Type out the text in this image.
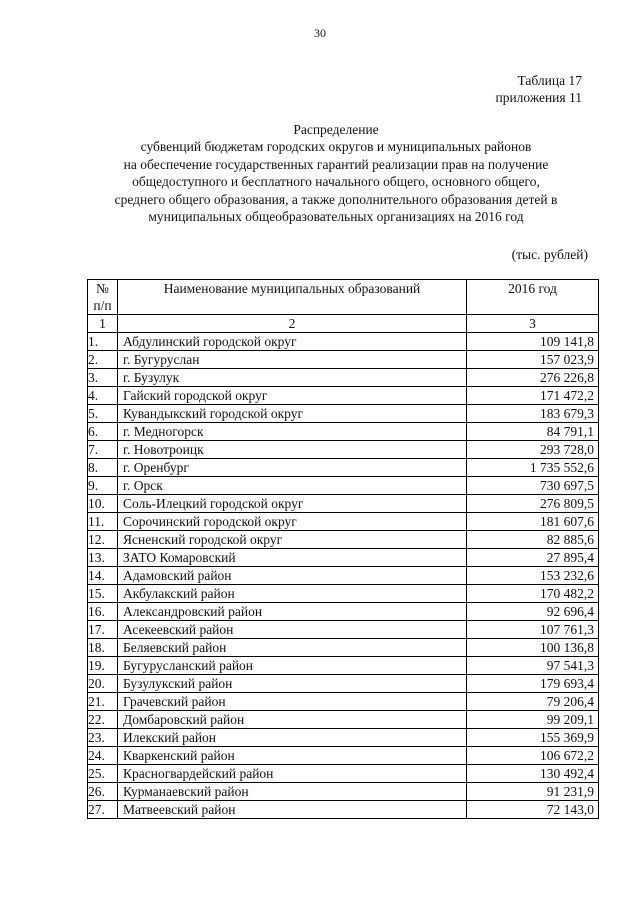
30
Таблица 17
приложения 11
Распределение
субвенций бюджетам городских округов и муниципальных районов
на обеспечение государственных гарантий реализации прав на получение
общедоступного и бесплатного начального общего, основного общего,
среднего общего образования, а также дополнительного образования детей в
муниципальных общеобразовательных организациях на 2016 год
(тыс. рублей)
№
п/п	Наименование муниципальных образований	2016 год
1	2	3
1.	Абдулинский городской округ	109 141,8
2.	г. Бугуруслан	157 023,9
3.	г. Бузулук	276 226,8
4.	Гайский городской округ	171 472,2
5.	Кувандыкский городской округ	183 679,3
6.	г. Медногорск	84 791,1
7.	г. Новотроицк	293 728,0
8.	г. Оренбург	1 735 552,6
9.	г. Орск	730 697,5
10.	Соль-Илецкий городской округ	276 809,5
11.	Сорочинский городской округ	181 607,6
12.	Ясненский городской округ	82 885,6
13.	ЗАТО Комаровский	27 895,4
14.	Адамовский район	153 232,6
15.	Акбулакский район	170 482,2
16.	Александровский район	92 696,4
17.	Асекеевский район	107 761,3
18.	Беляевский район	100 136,8
19.	Бугурусланский район	97 541,3
20.	Бузулукский район	179 693,4
21.	Грачевский район	79 206,4
22.	Домбаровский район	99 209,1
23.	Илекский район	155 369,9
24.	Кваркенский район	106 672,2
25.	Красногвардейский район	130 492,4
26.	Курманаевский район	91 231,9
27.	Матвеевский район	72 143,0
